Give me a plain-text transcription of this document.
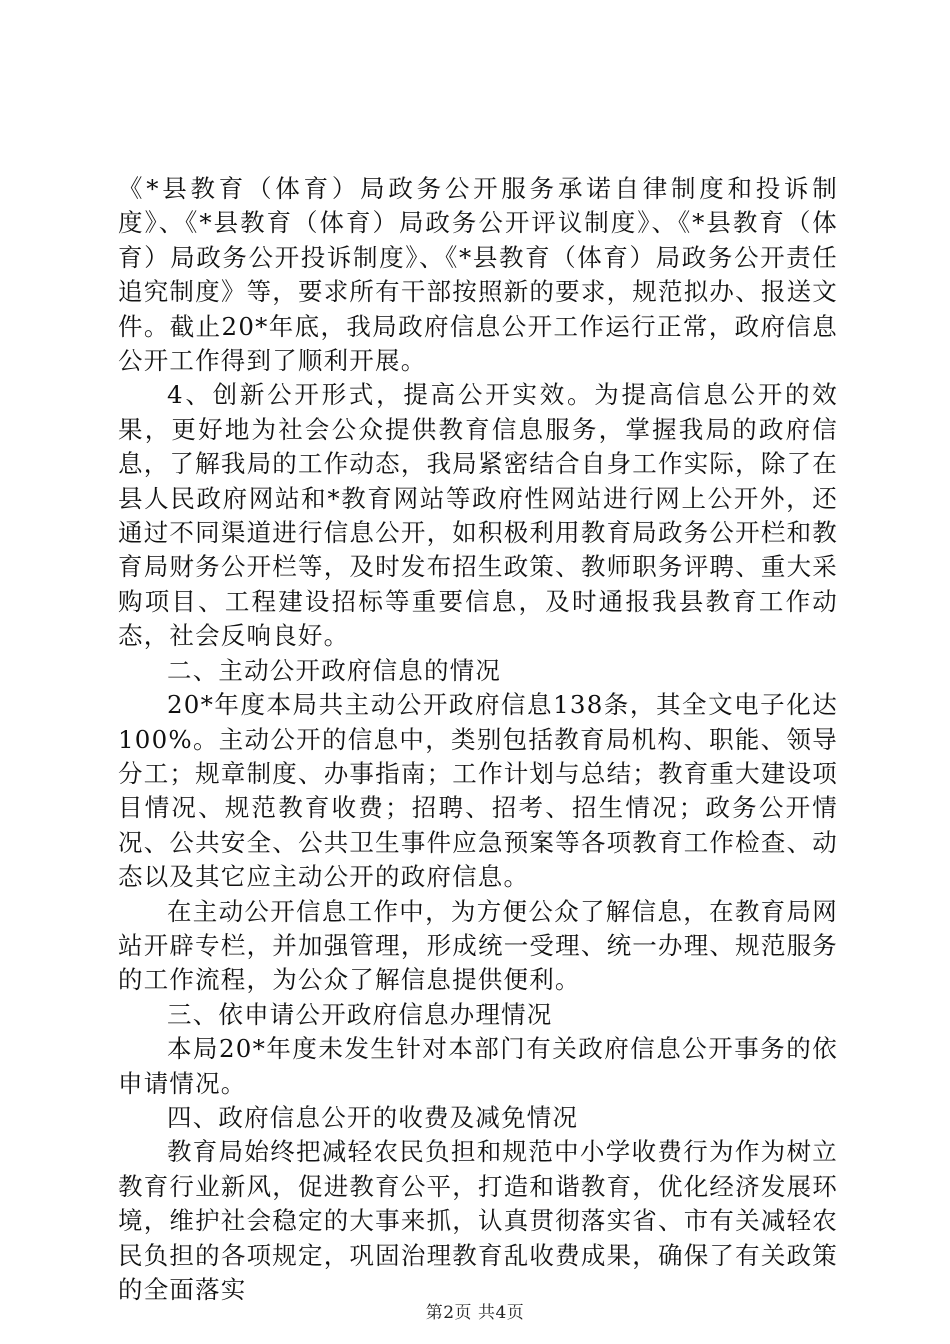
《*县教育（体育）局政务公开服务承诺自律制度和投诉制度》、《*县教育（体育）局政务公开评议制度》、《*县教育（体育）局政务公开投诉制度》、《*县教育（体育）局政务公开责任追究制度》等，要求所有干部按照新的要求，规范拟办、报送文件。截止20*年底，我局政府信息公开工作运行正常，政府信息公开工作得到了顺利开展。

4、创新公开形式，提高公开实效。为提高信息公开的效果，更好地为社会公众提供教育信息服务，掌握我局的政府信息，了解我局的工作动态，我局紧密结合自身工作实际，除了在县人民政府网站和*教育网站等政府性网站进行网上公开外，还通过不同渠道进行信息公开，如积极利用教育局政务公开栏和教育局财务公开栏等，及时发布招生政策、教师职务评聘、重大采购项目、工程建设招标等重要信息，及时通报我县教育工作动态，社会反响良好。

二、主动公开政府信息的情况

20*年度本局共主动公开政府信息138条，其全文电子化达100%。主动公开的信息中，类别包括教育局机构、职能、领导分工；规章制度、办事指南；工作计划与总结；教育重大建设项目情况、规范教育收费；招聘、招考、招生情况；政务公开情况、公共安全、公共卫生事件应急预案等各项教育工作检查、动态以及其它应主动公开的政府信息。

在主动公开信息工作中，为方便公众了解信息，在教育局网站开辟专栏，并加强管理，形成统一受理、统一办理、规范服务的工作流程，为公众了解信息提供便利。

三、依申请公开政府信息办理情况

本局20*年度未发生针对本部门有关政府信息公开事务的依申请情况。

四、政府信息公开的收费及减免情况

教育局始终把减轻农民负担和规范中小学收费行为作为树立教育行业新风，促进教育公平，打造和谐教育，优化经济发展环境，维护社会稳定的大事来抓，认真贯彻落实省、市有关减轻农民负担的各项规定，巩固治理教育乱收费成果，确保了有关政策的全面落实

第2页 共4页
